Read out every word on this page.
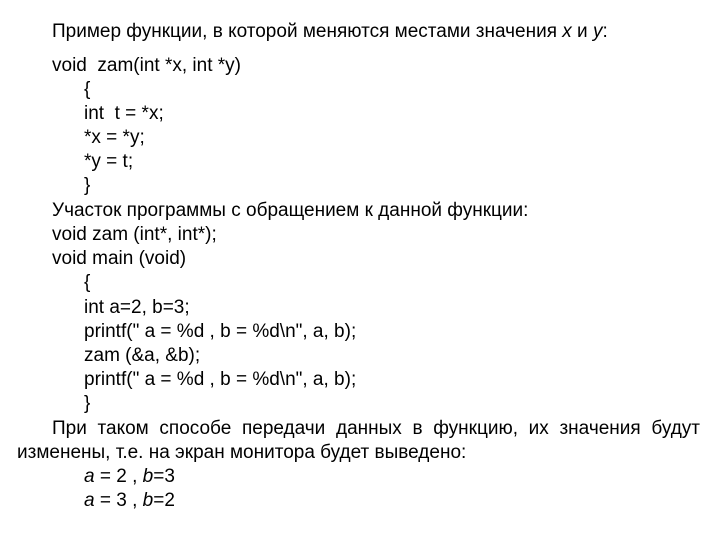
Пример функции, в которой меняются местами значения x и y:
void  zam(int *x, int *y)
{
int  t = *x;
*x = *y;
*y = t;
}
Участок программы с обращением к данной функции:
void zam (int*, int*);
void main (void)
{
int a=2, b=3;
printf(" a = %d , b = %d\n", a, b);
zam (&a, &b);
printf(" a = %d , b = %d\n", a, b);
}
При таком способе передачи данных в функцию, их значения будут
изменены, т.е. на экран монитора будет выведено:
a = 2 , b=3
a = 3 , b=2
